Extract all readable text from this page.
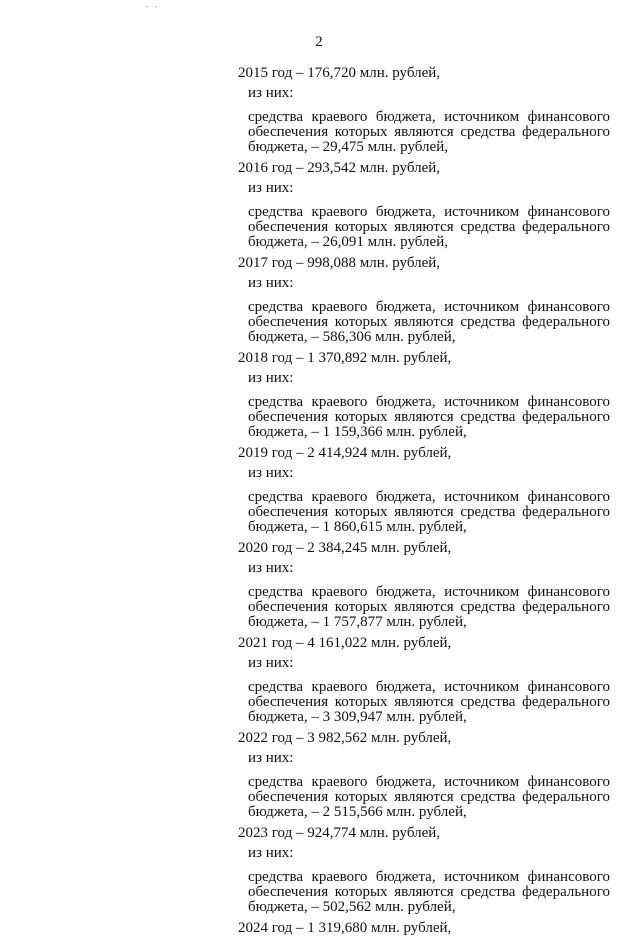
- -
2
2015 год – 176,720 млн. рублей,
из них:
средства краевого бюджета, источником финансового обеспечения которых являются средства федерального бюджета, – 29,475 млн. рублей,
2016 год – 293,542 млн. рублей,
из них:
средства краевого бюджета, источником финансового обеспечения которых являются средства федерального бюджета, – 26,091 млн. рублей,
2017 год – 998,088 млн. рублей,
из них:
средства краевого бюджета, источником финансового обеспечения которых являются средства федерального бюджета, – 586,306 млн. рублей,
2018 год – 1 370,892 млн. рублей,
из них:
средства краевого бюджета, источником финансового обеспечения которых являются средства федерального бюджета, – 1 159,366 млн. рублей,
2019 год – 2 414,924 млн. рублей,
из них:
средства краевого бюджета, источником финансового обеспечения которых являются средства федерального бюджета, – 1 860,615 млн. рублей,
2020 год – 2 384,245 млн. рублей,
из них:
средства краевого бюджета, источником финансового обеспечения которых являются средства федерального бюджета, – 1 757,877 млн. рублей,
2021 год – 4 161,022 млн. рублей,
из них:
средства краевого бюджета, источником финансового обеспечения которых являются средства федерального бюджета, – 3 309,947 млн. рублей,
2022 год – 3 982,562 млн. рублей,
из них:
средства краевого бюджета, источником финансового обеспечения которых являются средства федерального бюджета, – 2 515,566 млн. рублей,
2023 год – 924,774 млн. рублей,
из них:
средства краевого бюджета, источником финансового обеспечения которых являются средства федерального бюджета, – 502,562 млн. рублей,
2024 год – 1 319,680 млн. рублей,
